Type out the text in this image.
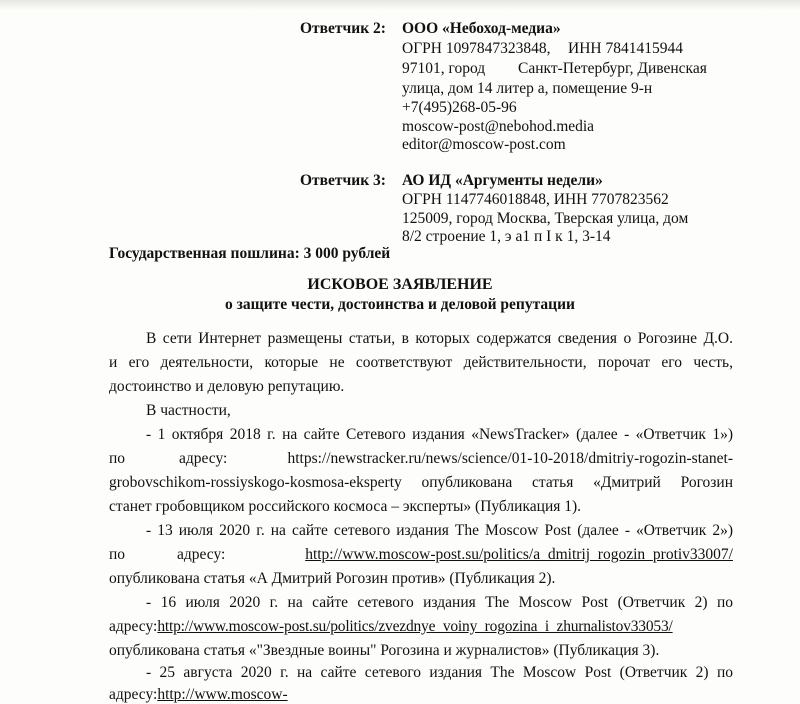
Ответчик 2: ООО «Небоход-медиа»
ОГРН 1097847323848, ИНН 7841415944
97101, город Санкт-Петербург, Дивенская
улица, дом 14 литер а, помещение 9-н
+7(495)268-05-96
moscow-post@nebohod.media
editor@moscow-post.com
Ответчик 3: АО ИД «Аргументы недели»
ОГРН 1147746018848, ИНН 7707823562
125009, город Москва, Тверская улица, дом
8/2 строение 1, э а1 п I к 1, 3-14
Государственная пошлина: 3 000 рублей
ИСКОВОЕ ЗАЯВЛЕНИЕ
о защите чести, достоинства и деловой репутации
В сети Интернет размещены статьи, в которых содержатся сведения о Рогозине Д.О.
и его деятельности, которые не соответствуют действительности, порочат его честь,
достоинство и деловую репутацию.
В частности,
- 1 октября 2018 г. на сайте Сетевого издания «NewsTracker» (далее - «Ответчик 1»)
по	адресу:	https://newstracker.ru/news/science/01-10-2018/dmitriy-rogozin-stanet-
grobovschikom-rossiyskogo-kosmosa-eksperty опубликована статья «Дмитрий Рогозин
станет гробовщиком российского космоса – эксперты» (Публикация 1).
- 13 июля 2020 г. на сайте сетевого издания The Moscow Post (далее - «Ответчик 2»)
по	адресу:	http://www.moscow-post.su/politics/a_dmitrij_rogozin_protiv33007/
опубликована статья «А Дмитрий Рогозин против» (Публикация 2).
- 16 июля 2020 г. на сайте сетевого издания The Moscow Post (Ответчик 2) по
адресу:http://www.moscow-post.su/politics/zvezdnye_voiny_rogozina_i_zhurnalistov33053/
опубликована статья «"Звездные воины" Рогозина и журналистов» (Публикация 3).
- 25 августа 2020 г. на сайте сетевого издания The Moscow Post (Ответчик 2) по
адресу:http://www.moscow-
